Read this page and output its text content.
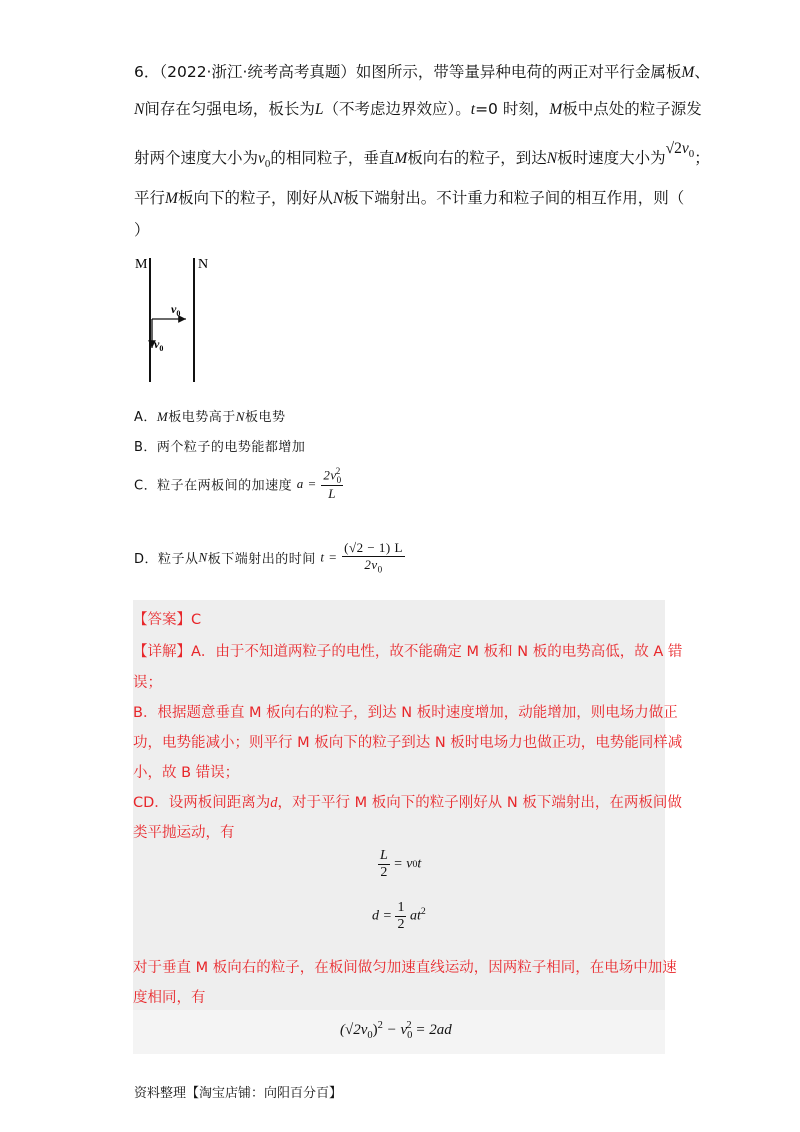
6．（2022·浙江·统考高考真题）如图所示，带等量异种电荷的两正对平行金属板M、
N间存在匀强电场，板长为L（不考虑边界效应）。t=0 时刻，M板中点处的粒子源发
射两个速度大小为$v_0$的相同粒子，垂直M板向右的粒子，到达N板时速度大小为$√2v_0$；
平行M板向下的粒子，刚好从N板下端射出。不计重力和粒子间的相互作用，则（
）
M	N
$v_0$
$v_0$
A．M板电势高于N板电势
B．两个粒子的电势能都增加
C．粒子在两板间的加速度 $a = \frac{2v_0^2}{L}$
D．粒子从N板下端射出的时间 $t = \frac{(√2 - 1) L}{2v_0}$
【答案】C
【详解】A．由于不知道两粒子的电性，故不能确定 M 板和 N 板的电势高低，故 A 错
误；
B．根据题意垂直 M 板向右的粒子，到达 N 板时速度增加，动能增加，则电场力做正
功，电势能减小；则平行 M 板向下的粒子到达 N 板时电场力也做正功，电势能同样减
小，故 B 错误；
CD．设两板间距离为d，对于平行 M 板向下的粒子刚好从 N 板下端射出，在两板间做
类平抛运动，有
$\frac{L}{2} = v0t$
$d = \frac{1}{2} at^2$
对于垂直 M 板向右的粒子，在板间做匀加速直线运动，因两粒子相同，在电场中加速
度相同，有
$(√2v_0)^2 - v_0^2 = 2ad$
资料整理【淘宝店铺：向阳百分百】
